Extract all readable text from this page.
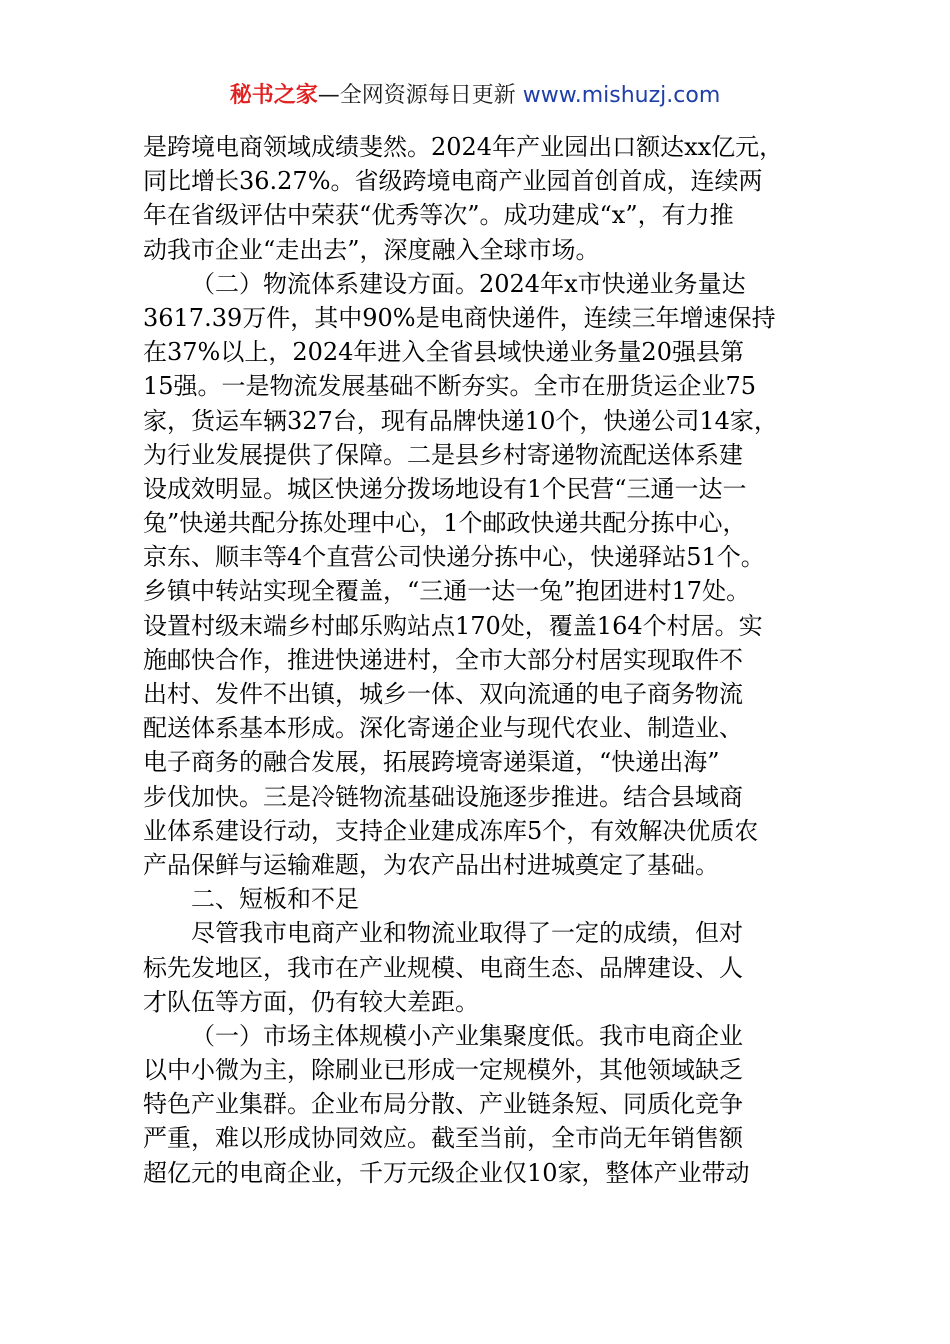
秘书之家—全网资源每日更新 www.mishuzj.com
是跨境电商领域成绩斐然。2024年产业园出口额达xx亿元，
同比增长36.27%。省级跨境电商产业园首创首成，连续两
年在省级评估中荣获“优秀等次”。成功建成“x”，有力推
动我市企业“走出去”，深度融入全球市场。
（二）物流体系建设方面。2024年x市快递业务量达
3617.39万件，其中90%是电商快递件，连续三年增速保持
在37%以上，2024年进入全省县域快递业务量20强县第
15强。一是物流发展基础不断夯实。全市在册货运企业75
家，货运车辆327台，现有品牌快递10个，快递公司14家，
为行业发展提供了保障。二是县乡村寄递物流配送体系建
设成效明显。城区快递分拨场地设有1个民营“三通一达一
兔”快递共配分拣处理中心，1个邮政快递共配分拣中心，
京东、顺丰等4个直营公司快递分拣中心，快递驿站51个。
乡镇中转站实现全覆盖，“三通一达一兔”抱团进村17处。
设置村级末端乡村邮乐购站点170处，覆盖164个村居。实
施邮快合作，推进快递进村，全市大部分村居实现取件不
出村、发件不出镇，城乡一体、双向流通的电子商务物流
配送体系基本形成。深化寄递企业与现代农业、制造业、
电子商务的融合发展，拓展跨境寄递渠道，“快递出海”
步伐加快。三是冷链物流基础设施逐步推进。结合县域商
业体系建设行动，支持企业建成冻库5个，有效解决优质农
产品保鲜与运输难题，为农产品出村进城奠定了基础。
二、短板和不足
尽管我市电商产业和物流业取得了一定的成绩，但对
标先发地区，我市在产业规模、电商生态、品牌建设、人
才队伍等方面，仍有较大差距。
（一）市场主体规模小产业集聚度低。我市电商企业
以中小微为主，除刷业已形成一定规模外，其他领域缺乏
特色产业集群。企业布局分散、产业链条短、同质化竞争
严重，难以形成协同效应。截至当前，全市尚无年销售额
超亿元的电商企业，千万元级企业仅10家，整体产业带动
